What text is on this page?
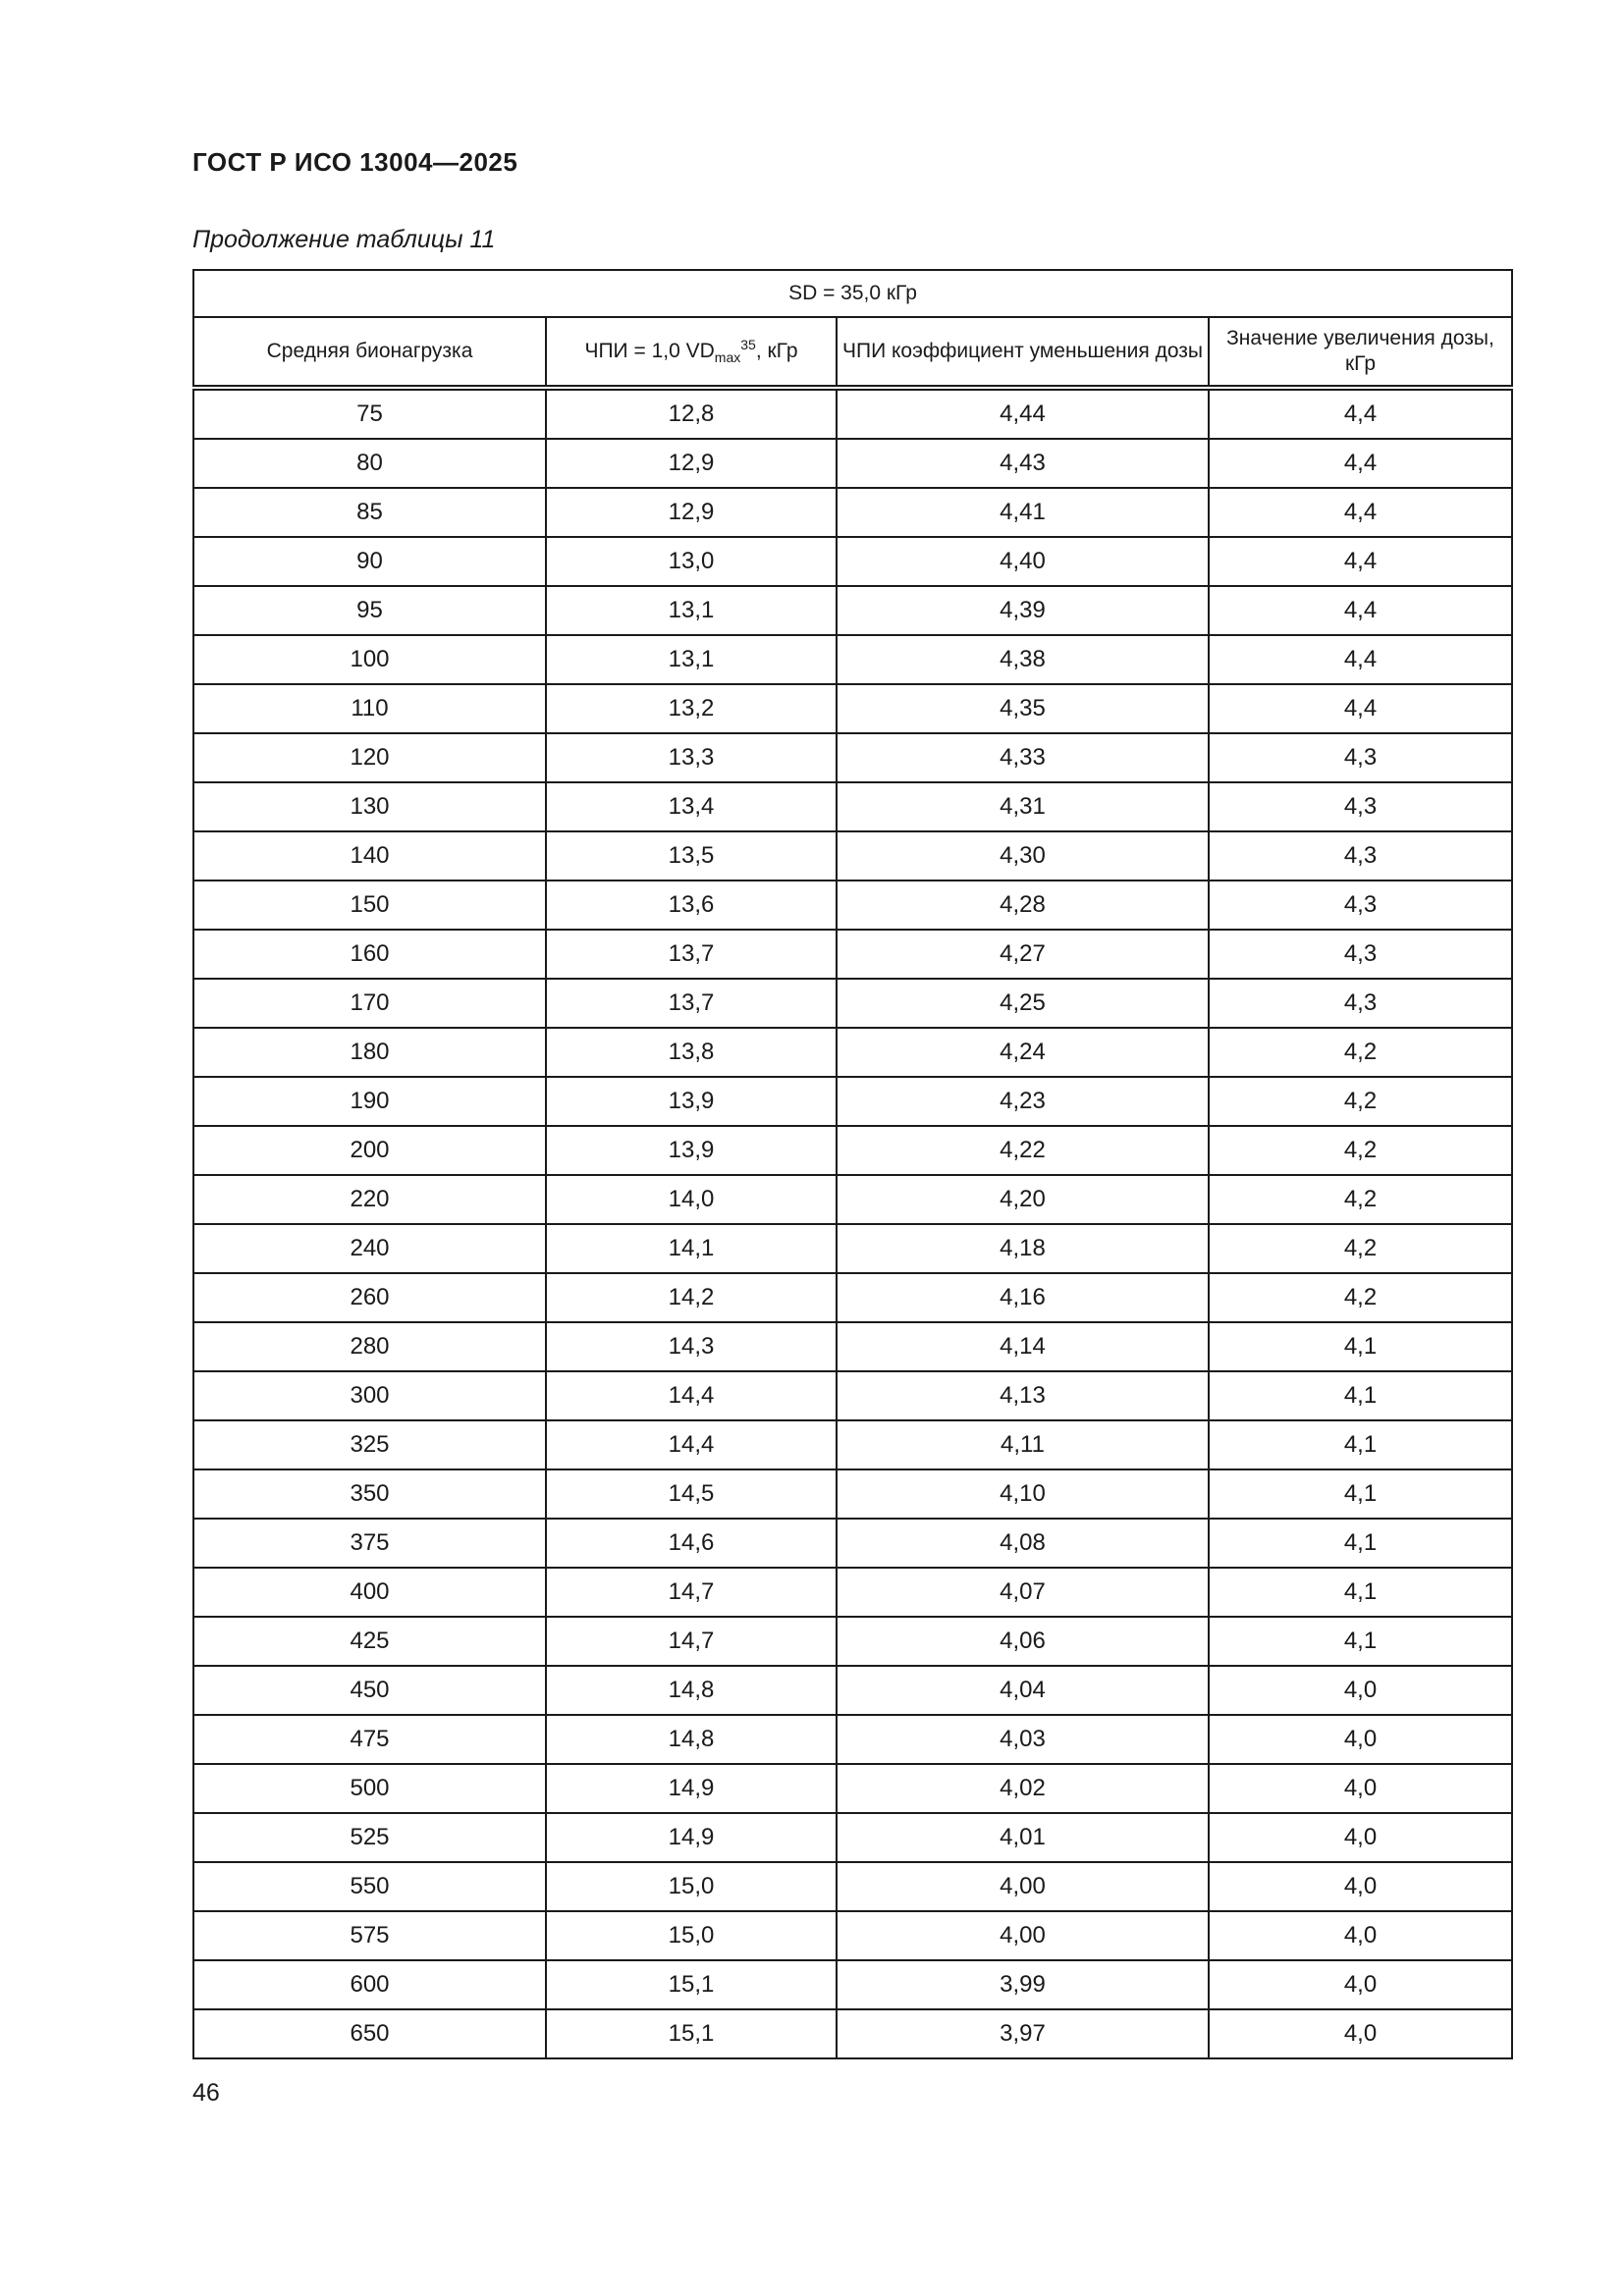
ГОСТ Р ИСО 13004—2025
Продолжение таблицы 11
SD = 35,0 кГр			
Средняя бионагрузка	ЧПИ = 1,0 $VD_{max}^{35}$, кГр	ЧПИ коэффициент уменьшения дозы	Значение увеличения дозы, кГр
75	12,8	4,44	4,4
80	12,9	4,43	4,4
85	12,9	4,41	4,4
90	13,0	4,40	4,4
95	13,1	4,39	4,4
100	13,1	4,38	4,4
110	13,2	4,35	4,4
120	13,3	4,33	4,3
130	13,4	4,31	4,3
140	13,5	4,30	4,3
150	13,6	4,28	4,3
160	13,7	4,27	4,3
170	13,7	4,25	4,3
180	13,8	4,24	4,2
190	13,9	4,23	4,2
200	13,9	4,22	4,2
220	14,0	4,20	4,2
240	14,1	4,18	4,2
260	14,2	4,16	4,2
280	14,3	4,14	4,1
300	14,4	4,13	4,1
325	14,4	4,11	4,1
350	14,5	4,10	4,1
375	14,6	4,08	4,1
400	14,7	4,07	4,1
425	14,7	4,06	4,1
450	14,8	4,04	4,0
475	14,8	4,03	4,0
500	14,9	4,02	4,0
525	14,9	4,01	4,0
550	15,0	4,00	4,0
575	15,0	4,00	4,0
600	15,1	3,99	4,0
650	15,1	3,97	4,0
46
